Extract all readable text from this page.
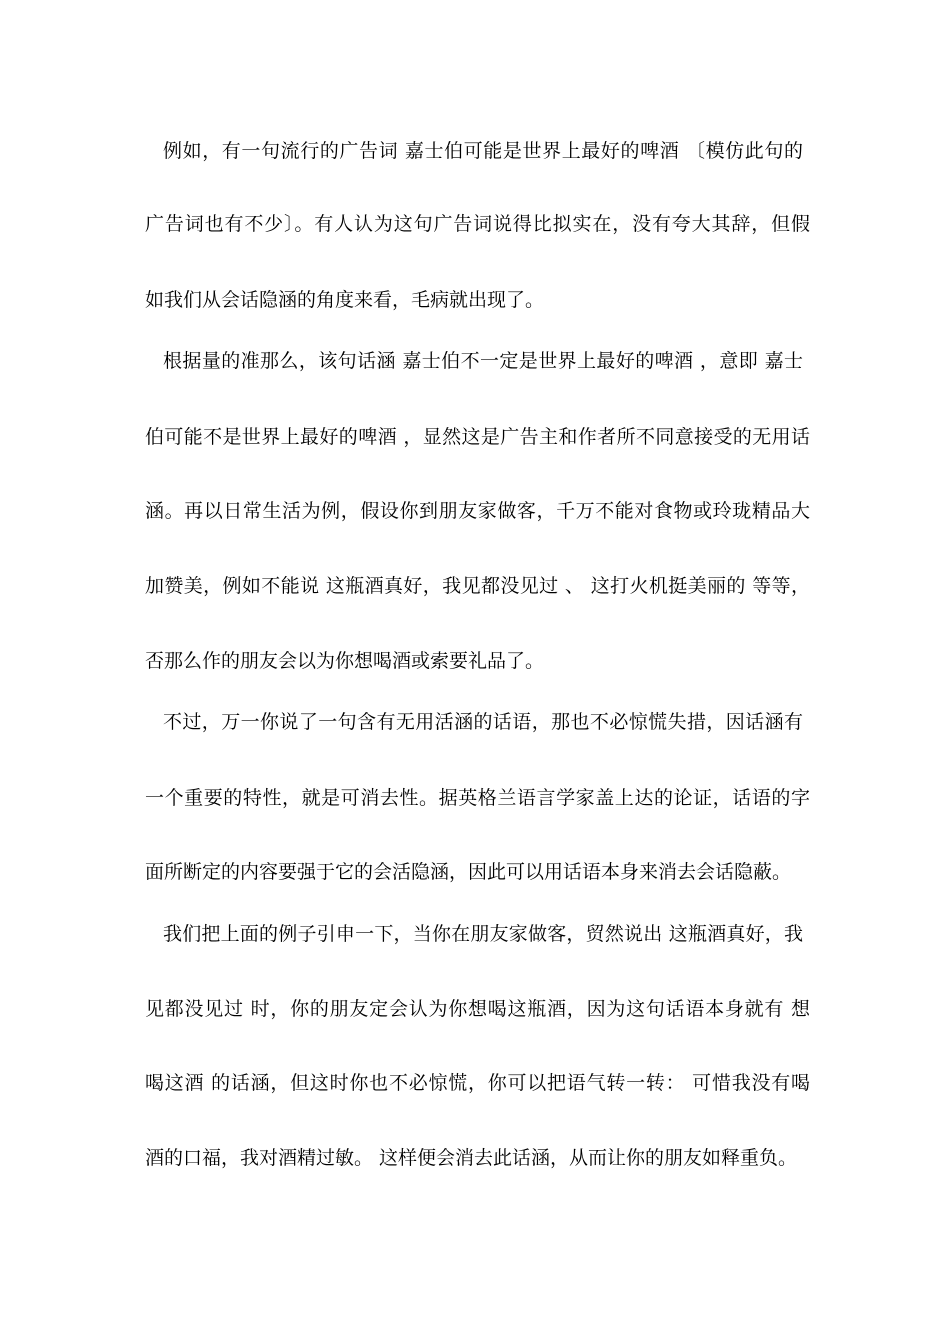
例如，有一句流行的广告词 嘉士伯可能是世界上最好的啤酒 〔模仿此句的
广告词也有不少〕。有人认为这句广告词说得比拟实在，没有夸大其辞，但假
如我们从会话隐涵的角度来看，毛病就出现了。
根据量的准那么，该句话涵 嘉士伯不一定是世界上最好的啤酒 ，意即 嘉士
伯可能不是世界上最好的啤酒 ，显然这是广告主和作者所不同意接受的无用话
涵。再以日常生活为例，假设你到朋友家做客，千万不能对食物或玲珑精品大
加赞美，例如不能说 这瓶酒真好，我见都没见过 、 这打火机挺美丽的 等等，
否那么作的朋友会以为你想喝酒或索要礼品了。
不过，万一你说了一句含有无用活涵的话语，那也不必惊慌失措，因话涵有
一个重要的特性，就是可消去性。据英格兰语言学家盖上达的论证，话语的字
面所断定的内容要强于它的会活隐涵，因此可以用话语本身来消去会话隐蔽。
我们把上面的例子引申一下，当你在朋友家做客，贸然说出 这瓶酒真好，我
见都没见过 时，你的朋友定会认为你想喝这瓶酒，因为这句话语本身就有 想
喝这酒 的话涵，但这时你也不必惊慌，你可以把语气转一转： 可惜我没有喝
酒的口福，我对酒精过敏。 这样便会消去此话涵，从而让你的朋友如释重负。
